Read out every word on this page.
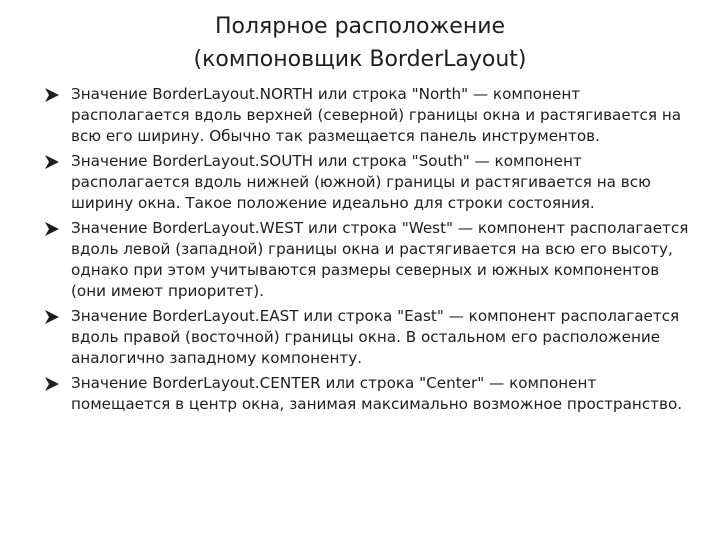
Полярное расположение
(компоновщик BorderLayout)
Значение BorderLayout.NORTH или строка "North" — компонент располагается вдоль верхней (северной) границы окна и растягивается на всю его ширину. Обычно так размещается панель инструментов.
Значение BorderLayout.SOUTH или строка "South" — компонент располагается вдоль нижней (южной) границы и растягивается на всю ширину окна. Такое положение идеально для строки состояния.
Значение BorderLayout.WEST или строка "West" — компонент располагается вдоль левой (западной) границы окна и растягивается на всю его высоту, однако при этом учитываются размеры северных и южных компонентов (они имеют приоритет).
Значение BorderLayout.EAST или строка "East" — компонент располагается вдоль правой (восточной) границы окна. В остальном его расположение аналогично западному компоненту.
Значение BorderLayout.CENTER или строка "Center" — компонент помещается в центр окна, занимая максимально возможное пространство.
